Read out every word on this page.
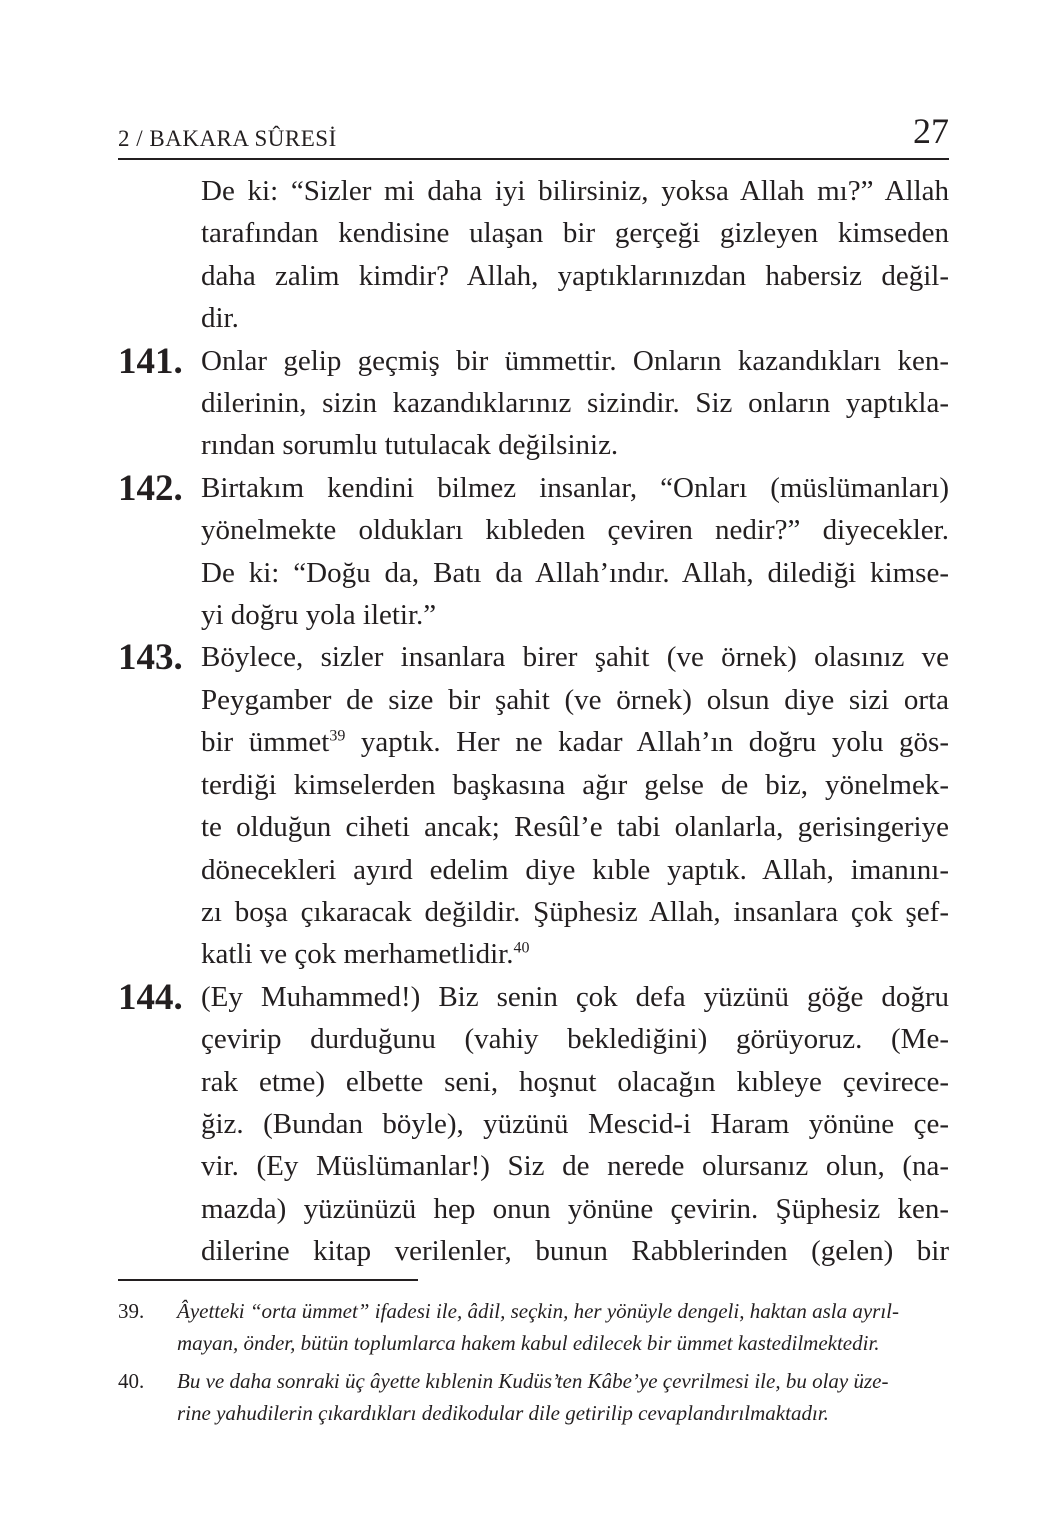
2 / BAKARA SÛRESİ	27
De ki: “Sizler mi daha iyi bilirsiniz, yoksa Allah mı?” Allah
tarafından kendisine ulaşan bir gerçeği gizleyen kimseden
daha zalim kimdir? Allah, yaptıklarınızdan habersiz değil-
dir.
141. Onlar gelip geçmiş bir ümmettir. Onların kazandıkları ken-
dilerinin, sizin kazandıklarınız sizindir. Siz onların yaptıkla-
rından sorumlu tutulacak değilsiniz.
142. Birtakım kendini bilmez insanlar, “Onları (müslümanları)
yönelmekte oldukları kıbleden çeviren nedir?” diyecekler.
De ki: “Doğu da, Batı da Allah’ındır. Allah, dilediği kimse-
yi doğru yola iletir.”
143. Böylece, sizler insanlara birer şahit (ve örnek) olasınız ve
Peygamber de size bir şahit (ve örnek) olsun diye sizi orta
bir ümmet$^{39}$ yaptık. Her ne kadar Allah’ın doğru yolu gös-
terdiği kimselerden başkasına ağır gelse de biz, yönelmek-
te olduğun ciheti ancak; Resûl’e tabi olanlarla, gerisingeriye
dönecekleri ayırd edelim diye kıble yaptık. Allah, imanını-
zı boşa çıkaracak değildir. Şüphesiz Allah, insanlara çok şef-
katli ve çok merhametlidir.$^{40}$
144. (Ey Muhammed!) Biz senin çok defa yüzünü göğe doğru
çevirip durduğunu (vahiy beklediğini) görüyoruz. (Me-
rak etme) elbette seni, hoşnut olacağın kıbleye çevirece-
ğiz. (Bundan böyle), yüzünü Mescid-i Haram yönüne çe-
vir. (Ey Müslümanlar!) Siz de nerede olursanız olun, (na-
mazda) yüzünüzü hep onun yönüne çevirin. Şüphesiz ken-
dilerine kitap verilenler, bunun Rabblerinden (gelen) bir
39.	Âyetteki “orta ümmet” ifadesi ile, âdil, seçkin, her yönüyle dengeli, haktan asla ayrıl-
mayan, önder, bütün toplumlarca hakem kabul edilecek bir ümmet kastedilmektedir.
40.	Bu ve daha sonraki üç âyette kıblenin Kudüs’ten Kâbe’ye çevrilmesi ile, bu olay üze-
rine yahudilerin çıkardıkları dedikodular dile getirilip cevaplandırılmaktadır.
